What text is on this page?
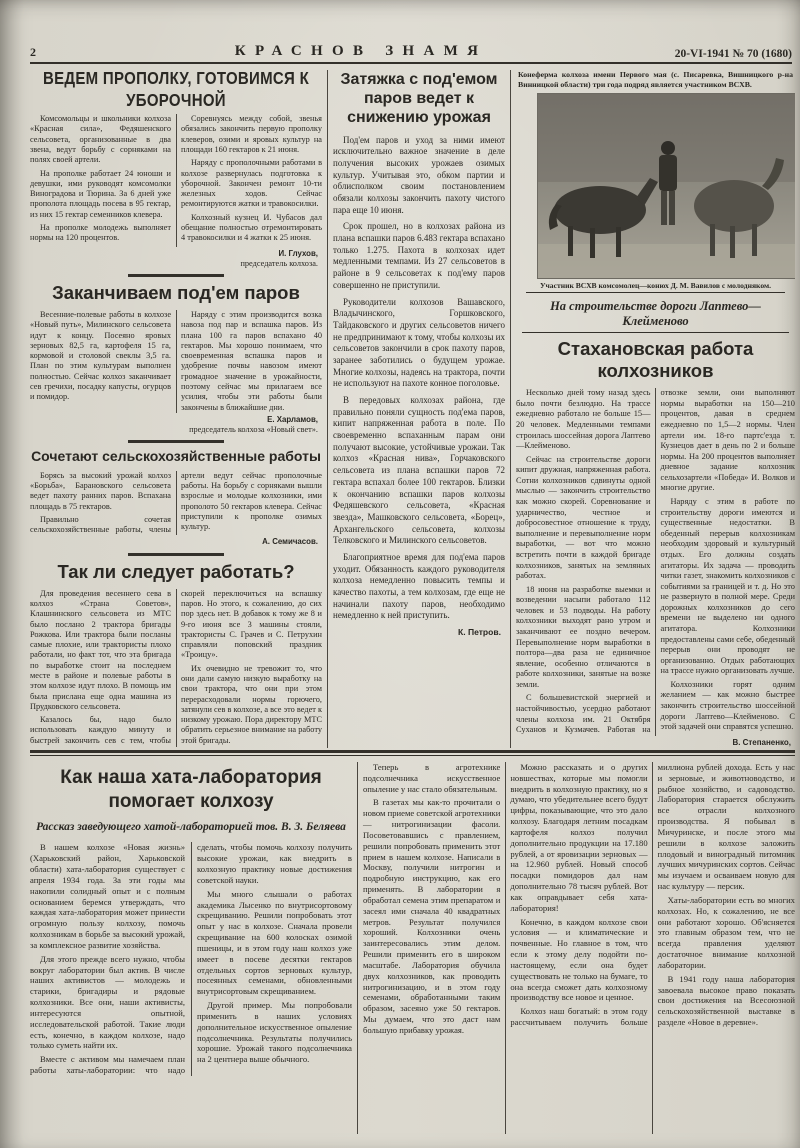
2	КРАСНОВ ЗНАМЯ	20-VI-1941 № 70 (1680)
ВЕДЕМ ПРОПОЛКУ, ГОТОВИМСЯ К УБОРОЧНОЙ

Комсомольцы и школьники колхоза «Красная сила», Федяшенского сельсовета, организованные в два звена, ведут борьбу с сорняками на полях своей артели.

На прополке работает 24 юноши и девушки, ими руководят комсомолки Виноградова и Тюрина. За 6 дней уже прополота площадь посева в 95 гектар, из них 15 гектар семенников клевера.

На прополке молодежь выполняет нормы на 120 процентов.

Соревнуясь между собой, звенья обязались закончить первую прополку клеверов, озими и яровых культур на площади 160 гектаров к 21 июня.

Наряду с прополочными работами в колхозе развернулась подготовка к уборочной. Закончен ремонт 10-ти железных ходов. Сейчас ремонтируются жатки и травокосилки.

Колхозный кузнец И. Чубасов дал обещание полностью отремонтировать 4 травокосилки и 4 жатки к 25 июня.

И. Глухов,
председатель колхоза.
Заканчиваем под'ем паров

Весенние-полевые работы в колхозе «Новый путь», Милинского сельсовета идут к концу. Посеяно яровых зерновых 82,5 га, картофеля 15 га, кормовой и столовой свеклы 3,5 га. План по этим культурам выполнен полностью. Сейчас колхоз заканчивает сев гречихи, посадку капусты, огурцов и помидор.

Наряду с этим производится возка навоза под пар и вспашка паров. Из плана 100 га паров вспахано 40 гектаров. Мы хорошо понимаем, что своевременная вспашка паров и удобрение почвы навозом имеют громадное значение в урожайности, поэтому сейчас мы прилагаем все усилия, чтобы эти работы были закончены в ближайшие дни.

Е. Харламов,
председатель колхоза «Новый свет».
Сочетают сельскохозяйственные работы

Борясь за высокий урожай колхоз «Борьба», Барановского сельсовета ведет пахоту ранних паров. Вспахана площадь в 75 гектаров.

Правильно сочетая сельскохозяйственные работы, члены артели ведут сейчас прополочные работы. На борьбу с сорняками вышли взрослые и молодые колхозники, ими прополото 50 гектаров клевера. Сейчас приступили к прополке озимых культур.

А. Семичасов.
Так ли следует работать?

Для проведения весеннего сева в колхоз «Страна Советов», Клашнинского сельсовета из МТС было послано 2 трактора бригады Рожкова. Или трактора были посланы самые плохие, или трактористы плохо работали, но факт тот, что эта бригада по выработке стоит на последнем месте в районе и полевые работы в этом колхозе идут плохо. В помощь им была прислана еще одна машина из Прудковского сельсовета.

Казалось бы, надо было использовать каждую минуту и быстрей закончить сев с тем, чтобы скорей переключиться на вспашку паров. Но этого, к сожалению, до сих пор здесь нет. В добавок к тому же 8 и 9-го июня все 3 машины стояли, трактористы С. Грачев и С. Петрухин справляли поповский праздник «Троицу».

Их очевидно не тревожит то, что они дали самую низкую выработку на свои трактора, что они при этом перерасходовали нормы горючего, затянули сев в колхозе, а все это ведет к низкому урожаю. Пора директору МТС обратить серьезное внимание на работу этой бригады.

Затяжка с под'емом паров ведет к снижению урожая

Под'ем паров и уход за ними имеют исключительно важное значение в деле получения высоких урожаев озимых культур. Учитывая это, обком партии и облисполком своим постановлением обязали колхозы закончить пахоту чистого пара еще 10 июня.

Срок прошел, но в колхозах района из плана вспашки паров 6.483 гектара вспахано только 1.275. Пахота в колхозах идет медленными темпами. Из 27 сельсоветов в районе в 9 сельсоветах к под'ему паров совершенно не приступили.

Руководители колхозов Вашавского, Владычинского, Горшковского, Тайдаковского и других сельсоветов ничего не предпринимают к тому, чтобы колхозы их сельсоветов закончили в срок пахоту паров, заранее заботились о будущем урожае. Многие колхозы, надеясь на трактора, почти не используют на пахоте конное поголовье.

В передовых колхозах района, где правильно поняли сущность под'ема паров, кипит напряженная работа в поле. По своевременно вспаханным парам они получают высокие, устойчивые урожаи. Так колхоз «Красная нива», Горчаковского сельсовета из плана вспашки паров 72 гектара вспахал более 100 гектаров. Близки к окончанию вспашки паров колхозы Федяшевского сельсовета, «Красная звезда», Машковского сельсовета, «Борец», Архангельского сельсовета, колхозы Телковского и Милинского сельсоветов.

Благоприятное время для под'ема паров уходит. Обязанность каждого руководителя колхоза немедленно повысить темпы и качество пахоты, а тем колхозам, где еще не начинали пахоту паров, необходимо немедленно к ней приступить.

К. Петров.
Конеферма колхоза имени Первого мая (с. Писаревка, Вишницкого р-на Винницкой области) три года подряд является участником ВСХВ.
Участник ВСХВ комсомолец—конюх Д. М. Вавилов с молодняком.
На строительстве дороги Лаптево—Клейменово
Стахановская работа колхозников

Несколько дней тому назад здесь было почти безлюдно. На трассе ежедневно работало не больше 15—20 человек. Медленными темпами строилась шоссейная дорога Лаптево—Клейменово.

Сейчас на строительстве дороги кипит дружная, напряженная работа. Сотни колхозников сдвинуты одной мыслью — закончить строительство как можно скорей. Соревнование и ударничество, честное и добросовестное отношение к труду, выполнение и перевыполнение норм выработки, — вот что можно встретить почти в каждой бригаде колхозников, занятых на земляных работах.

18 июня на разработке выемки и возведении насыпи работало 112 человек и 53 подводы. На работу колхозники выходят рано утром и заканчивают ее поздно вечером. Перевыполнение норм выработки в полтора—два раза не единичное явление, особенно отличаются в работе колхозники, занятые на возке земли.

С большевистской энергией и настойчивостью, усердно работают члены колхоза им. 21 Октября Суханов и Кузмачев. Работая на отвозке земли, они выполняют нормы выработки на 150—210 процентов, давая в среднем ежедневно по 1,5—2 нормы. Член артели им. 18-го партс'езда т. Кузнецов дает в день по 2 и больше нормы. На 200 процентов выполняет дневное задание колхозник сельхозартели «Победа» И. Волков и многие другие.

Наряду с этим в работе по строительству дороги имеются и существенные недостатки. В обеденный перерыв колхозникам необходим здоровый и культурный отдых. Его должны создать агитаторы. Их задача — проводить читки газет, знакомить колхозников с событиями за границей и т. д. Но это не развернуто в полной мере. Среди дорожных колхозников до сего времени не выделено ни одного агитатора. Колхозники предоставлены сами себе, обеденный перерыв они проводят не организованно. Отдых работающих на трассе нужно организовать лучше.

Колхозники горят одним желанием — как можно быстрее закончить строительство шоссейной дороги Лаптево—Клейменово. С этой задачей они справятся успешно.

В. Степаненко,
Как наша хата-лаборатория помогает колхозу
Рассказ заведующего хатой-лабораторией тов. В. З. Беляева

В нашем колхозе «Новая жизнь» (Харьковский район, Харьковской области) хата-лаборатория существует с апреля 1934 года. За эти годы мы накопили солидный опыт и с полным основанием беремся утверждать, что каждая хата-лаборатория может принести огромную пользу колхозу, помочь колхозникам в борьбе за высокий урожай, за комплексное развитие хозяйства.

Для этого прежде всего нужно, чтобы вокруг лаборатории был актив. В числе наших активистов — молодежь и старики, бригадиры и рядовые колхозники. Все они, наши активисты, интересуются опытной, исследовательской работой. Такие люди есть, конечно, в каждом колхозе, надо только суметь найти их.

Вместе с активом мы намечаем план работы хаты-лаборатории: что надо сделать, чтобы помочь колхозу получить высокие урожаи, как внедрить в колхозную практику новые достижения советской науки.

Мы много слышали о работах академика Лысенко по внутрисортовому скрещиванию. Решили попробовать этот опыт у нас в колхозе. Сначала провели скрещивание на 600 колосках озимой пшеницы, и в этом году наш колхоз уже имеет в посеве десятки гектаров отдельных сортов зерновых культур, посеянных семенами, обновленными внутрисортовым скрещиванием.

Другой пример. Мы попробовали применить в наших условиях дополнительное искусственное опыление подсолнечника. Результаты получились хорошие. Урожай такого подсолнечника на 2 центнера выше обычного.

Теперь в агротехнике подсолнечника искусственное опыление у нас стало обязательным.

В газетах мы как-то прочитали о новом приеме советской агротехники — нитрогинизации фасоли. Посоветовавшись с правлением, решили попробовать применить этот прием в нашем колхозе. Написали в Москву, получили нитрогин и подробную инструкцию, как его применять. В лаборатории я обработал семена этим препаратом и засеял ими сначала 40 квадратных метров. Результат получился хороший. Колхозники очень заинтересовались этим делом. Решили применить его в широком масштабе. Лаборатория обучила двух колхозников, как проводить нитрогинизацию, и в этом году семенами, обработанными таким образом, засеяно уже 50 гектаров. Мы думаем, что это даст нам большую прибавку урожая.

Можно рассказать и о других новшествах, которые мы помогли внедрить в колхозную практику, но я думаю, что убедительнее всего будут цифры, показывающие, что это дало колхозу. Благодаря летним посадкам картофеля колхоз получил дополнительно продукции на 17.180 рублей, а от яровизации зерновых — на 12.960 рублей. Новый способ посадки помидоров дал нам дополнительно 78 тысяч рублей. Вот как оправдывает себя хата-лаборатория!

Конечно, в каждом колхозе свои условия — и климатические и почвенные. Но главное в том, что если к этому делу подойти по-настоящему, если она будет существовать не только на бумаге, то она всегда сможет дать колхозному производству все новое и ценное.

Колхоз наш богатый: в этом году рассчитываем получить больше миллиона рублей дохода. Есть у нас и зерновые, и животноводство, и рыбное хозяйство, и садоводство. Лаборатория старается обслужить все отрасли колхозного производства. Я побывал в Мичуринске, и после этого мы решили в колхозе заложить плодовый и виноградный питомник лучших мичуринских сортов. Сейчас мы изучаем и осваиваем новую для нас культуру — персик.

Хаты-лаборатории есть во многих колхозах. Но, к сожалению, не все они работают хорошо. Об'ясняется это главным образом тем, что не всегда правления уделяют достаточное внимание колхозной лаборатории.

В 1941 году наша лаборатория завоевала высокое право показать свои достижения на Всесоюзной сельскохозяйственной выставке в разделе «Новое в деревне».
